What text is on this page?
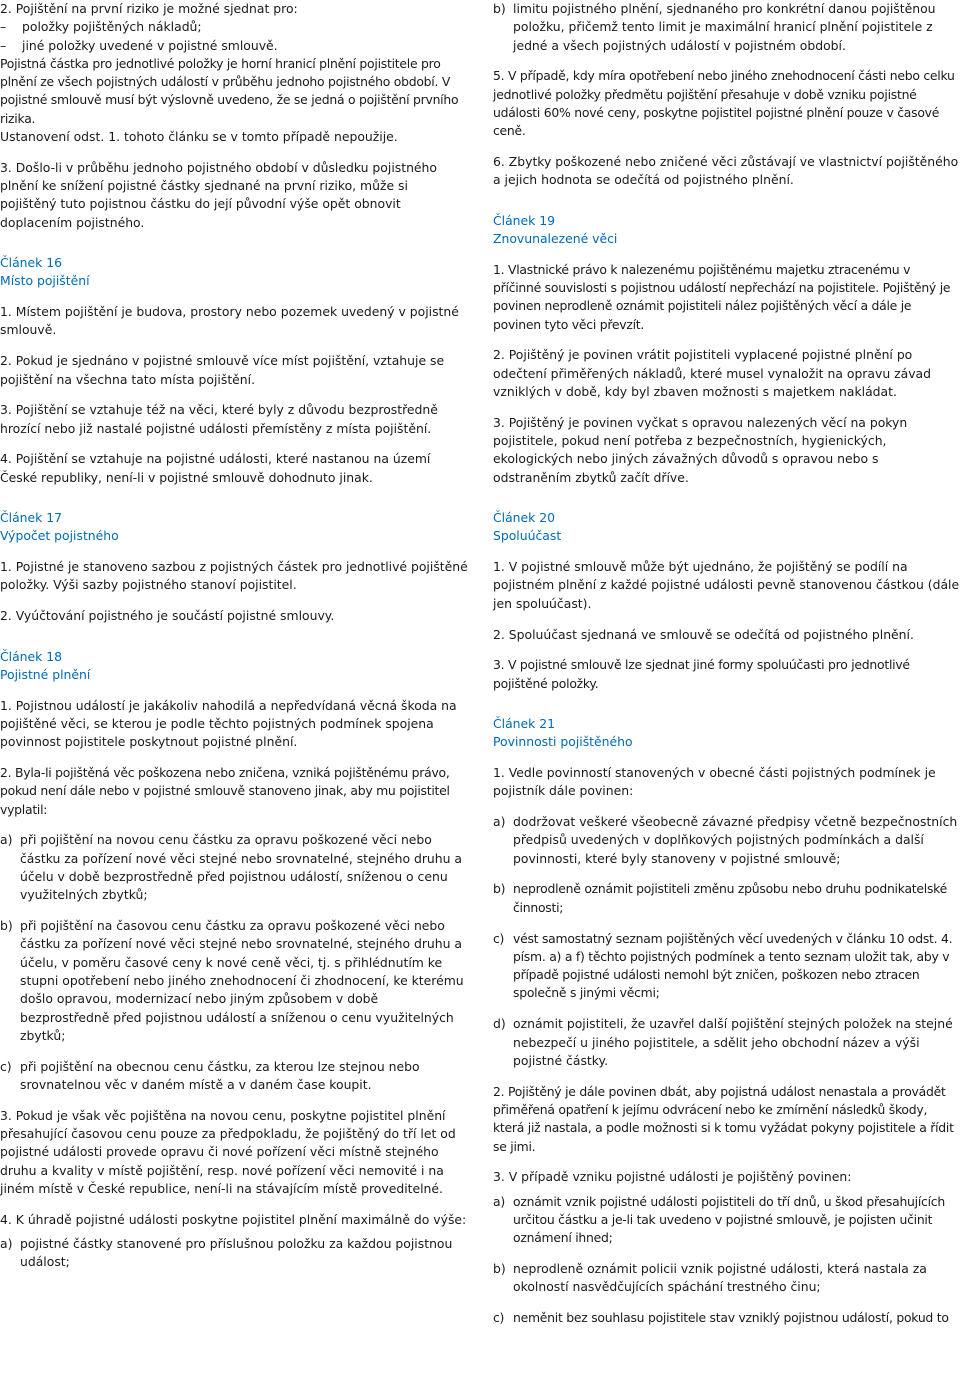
2. Pojištění na první riziko je možné sjednat pro:

–	položky pojištěných nákladů;
–	jiné položky uvedené v pojistné smlouvě.

Pojistná částka pro jednotlivé položky je horní hranicí plnění pojistitele pro plnění ze všech pojistných událostí v průběhu jednoho pojistného období. V pojistné smlouvě musí být výslovně uvedeno, že se jedná o pojištění prvního rizika.

Ustanovení odst. 1. tohoto článku se v tomto případě nepoužije.

3. Došlo-li v průběhu jednoho pojistného období v důsledku pojistného plnění ke snížení pojistné částky sjednané na první riziko, může si pojištěný tuto pojistnou částku do její původní výše opět obnovit doplacením pojistného.

Článek 16

Místo pojištění

1. Místem pojištění je budova, prostory nebo pozemek uvedený v pojistné smlouvě.

2. Pokud je sjednáno v pojistné smlouvě více míst pojištění, vztahuje se pojištění na všechna tato místa pojištění.

3. Pojištění se vztahuje též na věci, které byly z důvodu bezprostředně hrozící nebo již nastalé pojistné události přemístěny z místa pojištění.

4. Pojištění se vztahuje na pojistné události, které nastanou na území České republiky, není-li v pojistné smlouvě dohodnuto jinak.

Článek 17

Výpočet pojistného

1. Pojistné je stanoveno sazbou z pojistných částek pro jednotlivé pojištěné položky. Výši sazby pojistného stanoví pojistitel.

2. Vyúčtování pojistného je součástí pojistné smlouvy.

Článek 18

Pojistné plnění

1. Pojistnou událostí je jakákoliv nahodilá a nepředvídaná věcná škoda na pojištěné věci, se kterou je podle těchto pojistných podmínek spojena povinnost pojistitele poskytnout pojistné plnění.

2. Byla-li pojištěná věc poškozena nebo zničena, vzniká pojištěnému právo, pokud není dále nebo v pojistné smlouvě stanoveno jinak, aby mu pojistitel vyplatil:

a) při pojištění na novou cenu částku za opravu poškozené věci nebo částku za pořízení nové věci stejné nebo srovnatelné, stejného druhu a účelu v době bezprostředně před pojistnou událostí, sníženou o cenu využitelných zbytků;
b) při pojištění na časovou cenu částku za opravu poškozené věci nebo částku za pořízení nové věci stejné nebo srovnatelné, stejného druhu a účelu, v poměru časové ceny k nové ceně věci, tj. s přihlédnutím ke stupni opotřebení nebo jiného znehodnocení či zhodnocení, ke kterému došlo opravou, modernizací nebo jiným způsobem v době bezprostředně před pojistnou událostí a sníženou o cenu využitelných zbytků;
c) při pojištění na obecnou cenu částku, za kterou lze stejnou nebo srovnatelnou věc v daném místě a v daném čase koupit.

3. Pokud je však věc pojištěna na novou cenu, poskytne pojistitel plnění přesahující časovou cenu pouze za předpokladu, že pojištěný do tří let od pojistné události provede opravu či nové pořízení věci místně stejného druhu a kvality v místě pojištění, resp. nové pořízení věci nemovité i na jiném místě v České republice, není-li na stávajícím místě proveditelné.

4. K úhradě pojistné události poskytne pojistitel plnění maximálně do výše:

a) pojistné částky stanovené pro příslušnou položku za každou pojistnou událost;
b) limitu pojistného plnění, sjednaného pro konkrétní danou pojištěnou položku, přičemž tento limit je maximální hranicí plnění pojistitele z jedné a všech pojistných událostí v pojistném období.

5. V případě, kdy míra opotřebení nebo jiného znehodnocení části nebo celku jednotlivé položky předmětu pojištění přesahuje v době vzniku pojistné události 60% nové ceny, poskytne pojistitel pojistné plnění pouze v časové ceně.

6. Zbytky poškozené nebo zničené věci zůstávají ve vlastnictví pojištěného a jejich hodnota se odečítá od pojistného plnění.

Článek 19

Znovunalezené věci

1. Vlastnické právo k nalezenému pojištěnému majetku ztracenému v příčinné souvislosti s pojistnou událostí nepřechází na pojistitele. Pojištěný je povinen neprodleně oznámit pojistiteli nález pojištěných věcí a dále je povinen tyto věci převzít.

2. Pojištěný je povinen vrátit pojistiteli vyplacené pojistné plnění po odečtení přiměřených nákladů, které musel vynaložit na opravu závad vzniklých v době, kdy byl zbaven možnosti s majetkem nakládat.

3. Pojištěný je povinen vyčkat s opravou nalezených věcí na pokyn pojistitele, pokud není potřeba z bezpečnostních, hygienických, ekologických nebo jiných závažných důvodů s opravou nebo s odstraněním zbytků začít dříve.

Článek 20

Spoluúčast

1. V pojistné smlouvě může být ujednáno, že pojištěný se podílí na pojistném plnění z každé pojistné události pevně stanovenou částkou (dále jen spoluúčast).

2. Spoluúčast sjednaná ve smlouvě se odečítá od pojistného plnění.

3. V pojistné smlouvě lze sjednat jiné formy spoluúčasti pro jednotlivé pojištěné položky.

Článek 21

Povinnosti pojištěného

1. Vedle povinností stanovených v obecné části pojistných podmínek je pojistník dále povinen:

a) dodržovat veškeré všeobecně závazné předpisy včetně bezpečnostních předpisů uvedených v doplňkových pojistných podmínkách a další povinnosti, které byly stanoveny v pojistné smlouvě;
b) neprodleně oznámit pojistiteli změnu způsobu nebo druhu podnikatelské činnosti;
c) vést samostatný seznam pojištěných věcí uvedených v článku 10 odst. 4. písm. a) a f) těchto pojistných podmínek a tento seznam uložit tak, aby v případě pojistné události nemohl být zničen, poškozen nebo ztracen společně s jinými věcmi;
d) oznámit pojistiteli, že uzavřel další pojištění stejných položek na stejné nebezpečí u jiného pojistitele, a sdělit jeho obchodní název a výši pojistné částky.

2. Pojištěný je dále povinen dbát, aby pojistná událost nenastala a provádět přiměřená opatření k jejímu odvrácení nebo ke zmírnění následků škody, která již nastala, a podle možnosti si k tomu vyžádat pokyny pojistitele a řídit se jimi.

3. V případě vzniku pojistné události je pojištěný povinen:

a) oznámit vznik pojistné události pojistiteli do tří dnů, u škod přesahujících určitou částku a je-li tak uvedeno v pojistné smlouvě, je pojisten učinit oznámení ihned;
b) neprodleně oznámit policii vznik pojistné události, která nastala za okolností nasvědčujících spáchání trestného činu;
c) neměnit bez souhlasu pojistitele stav vzniklý pojistnou událostí, pokud to
